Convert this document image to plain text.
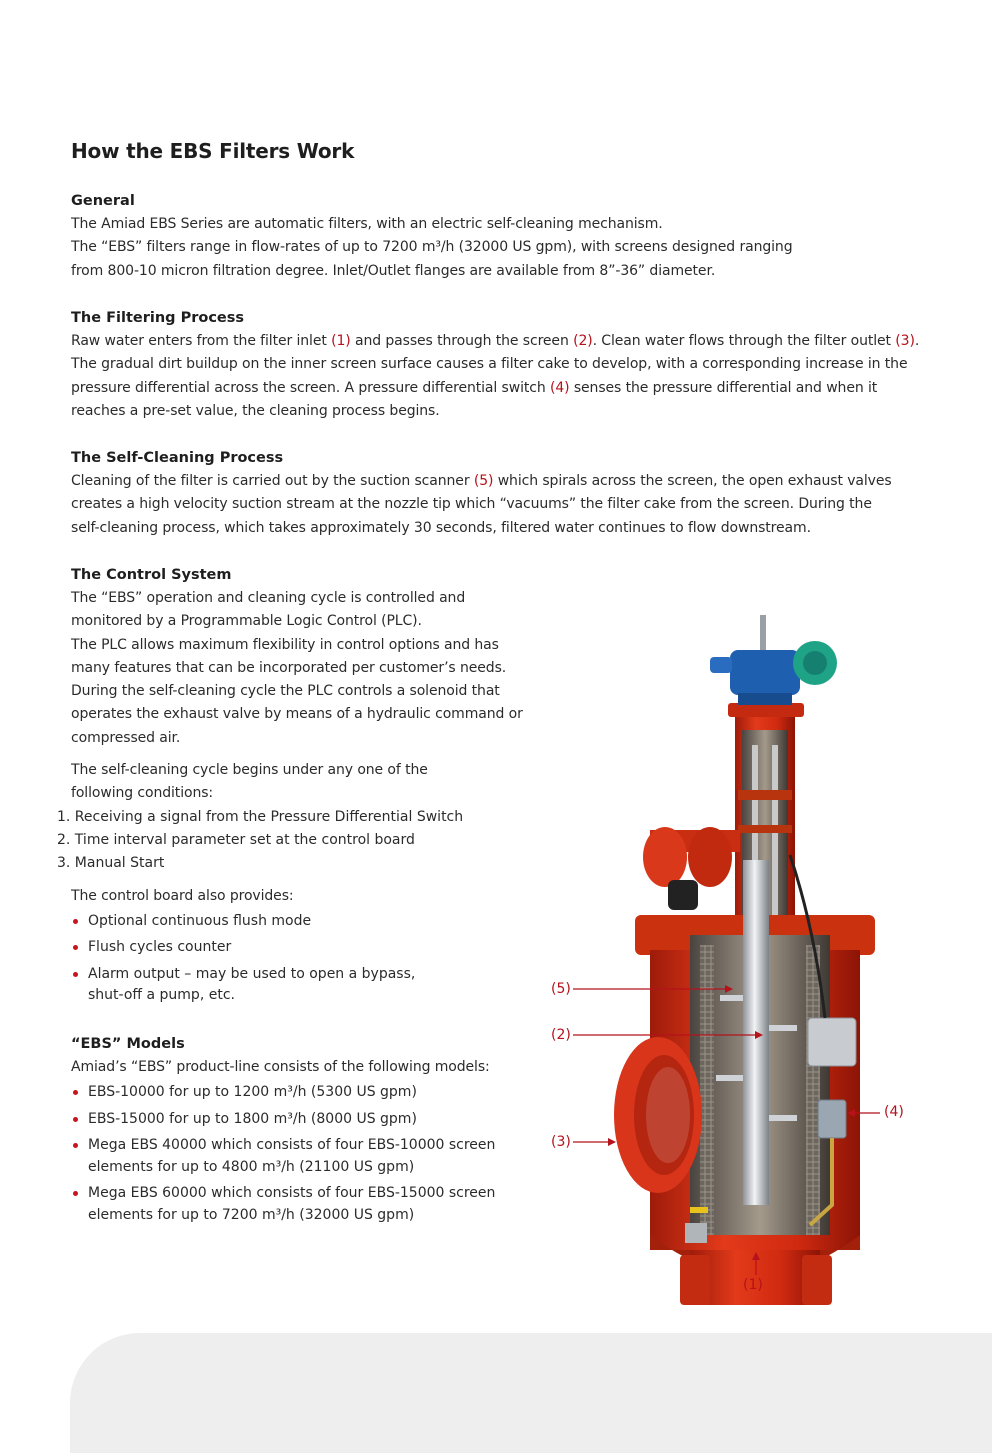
How the EBS Filters Work
General

The Amiad EBS Series are automatic filters, with an electric self-cleaning mechanism.

The “EBS” filters range in flow-rates of up to 7200 m³/h (32000 US gpm), with screens designed ranging

from 800-10 micron filtration degree. Inlet/Outlet flanges are available from 8”-36” diameter.

The Filtering Process

Raw water enters from the filter inlet (1) and passes through the screen (2). Clean water flows through the filter outlet (3).

The gradual dirt buildup on the inner screen surface causes a filter cake to develop, with a corresponding increase in the

pressure differential across the screen. A pressure differential switch (4) senses the pressure differential and when it

reaches a pre-set value, the cleaning process begins.

The Self-Cleaning Process

Cleaning of the filter is carried out by the suction scanner (5) which spirals across the screen, the open exhaust valves

creates a high velocity suction stream at the nozzle tip which “vacuums” the filter cake from the screen. During the

self-cleaning process, which takes approximately 30 seconds, filtered water continues to flow downstream.

The Control System

The “EBS” operation and cleaning cycle is controlled and

monitored by a Programmable Logic Control (PLC).

The PLC allows maximum flexibility in control options and has

many features that can be incorporated per customer’s needs.

During the self-cleaning cycle the PLC controls a solenoid that

operates the exhaust valve by means of a hydraulic command or

compressed air.

The self-cleaning cycle begins under any one of the

following conditions:

1. Receiving a signal from the Pressure Differential Switch
2. Time interval parameter set at the control board
3. Manual Start

The control board also provides:

Optional continuous flush mode
Flush cycles counter
Alarm output – may be used to open a bypass,
shut-off a pump, etc.
“EBS” Models

Amiad’s “EBS” product-line consists of the following models:

EBS-10000 for up to 1200 m³/h (5300 US gpm)
EBS-15000 for up to 1800 m³/h (8000 US gpm)
Mega EBS 40000 which consists of four EBS-10000 screen
elements for up to 4800 m³/h (21100 US gpm)
Mega EBS 60000 which consists of four EBS-15000 screen
elements for up to 7200 m³/h (32000 US gpm)
(5)
(2)
(3)
(4)
(1)
